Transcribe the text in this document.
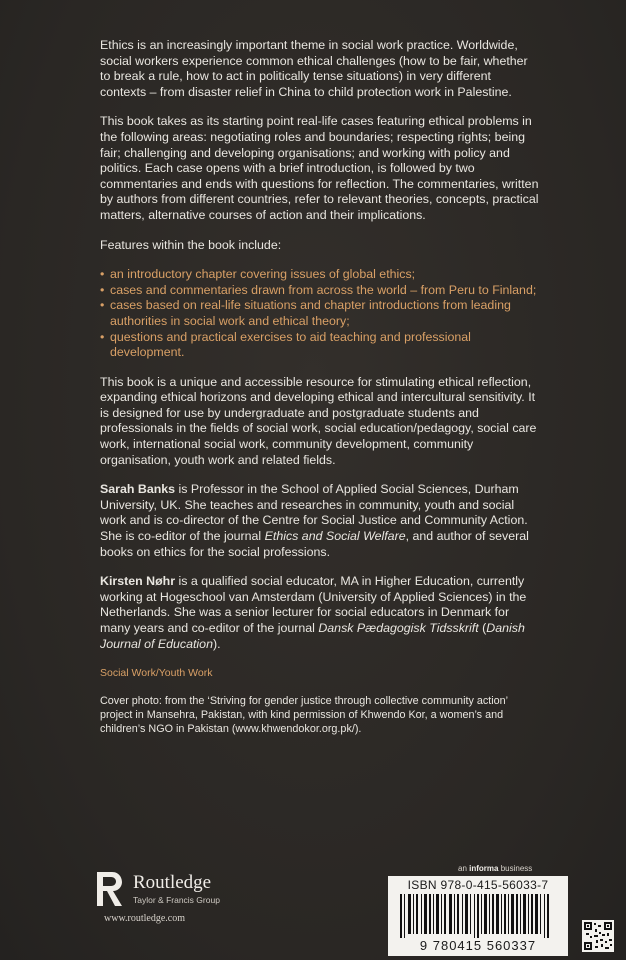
Ethics is an increasingly important theme in social work practice. Worldwide, social workers experience common ethical challenges (how to be fair, whether to break a rule, how to act in politically tense situations) in very different contexts – from disaster relief in China to child protection work in Palestine.

This book takes as its starting point real-life cases featuring ethical problems in the following areas: negotiating roles and boundaries; respecting rights; being fair; challenging and developing organisations; and working with policy and politics. Each case opens with a brief introduction, is followed by two commentaries and ends with questions for reflection. The commentaries, written by authors from different countries, refer to relevant theories, concepts, practical matters, alternative courses of action and their implications.

Features within the book include:

• an introductory chapter covering issues of global ethics;
• cases and commentaries drawn from across the world – from Peru to Finland;
• cases based on real-life situations and chapter introductions from leading authorities in social work and ethical theory;
• questions and practical exercises to aid teaching and professional development.

This book is a unique and accessible resource for stimulating ethical reflection, expanding ethical horizons and developing ethical and intercultural sensitivity. It is designed for use by undergraduate and postgraduate students and professionals in the fields of social work, social education/pedagogy, social care work, international social work, community development, community organisation, youth work and related fields.

Sarah Banks is Professor in the School of Applied Social Sciences, Durham University, UK. She teaches and researches in community, youth and social work and is co-director of the Centre for Social Justice and Community Action. She is co-editor of the journal Ethics and Social Welfare, and author of several books on ethics for the social professions.

Kirsten Nøhr is a qualified social educator, MA in Higher Education, currently working at Hogeschool van Amsterdam (University of Applied Sciences) in the Netherlands. She was a senior lecturer for social educators in Denmark for many years and co-editor of the journal Dansk Pædagogisk Tidsskrift (Danish Journal of Education).

Social Work/Youth Work

Cover photo: from the ‘Striving for gender justice through collective community action’ project in Mansehra, Pakistan, with kind permission of Khwendo Kor, a women’s and children’s NGO in Pakistan (www.khwendokor.org.pk/).

Routledge
Taylor & Francis Group
www.routledge.com
an informa business
ISBN 978-0-415-56033-7
9 780415 560337
